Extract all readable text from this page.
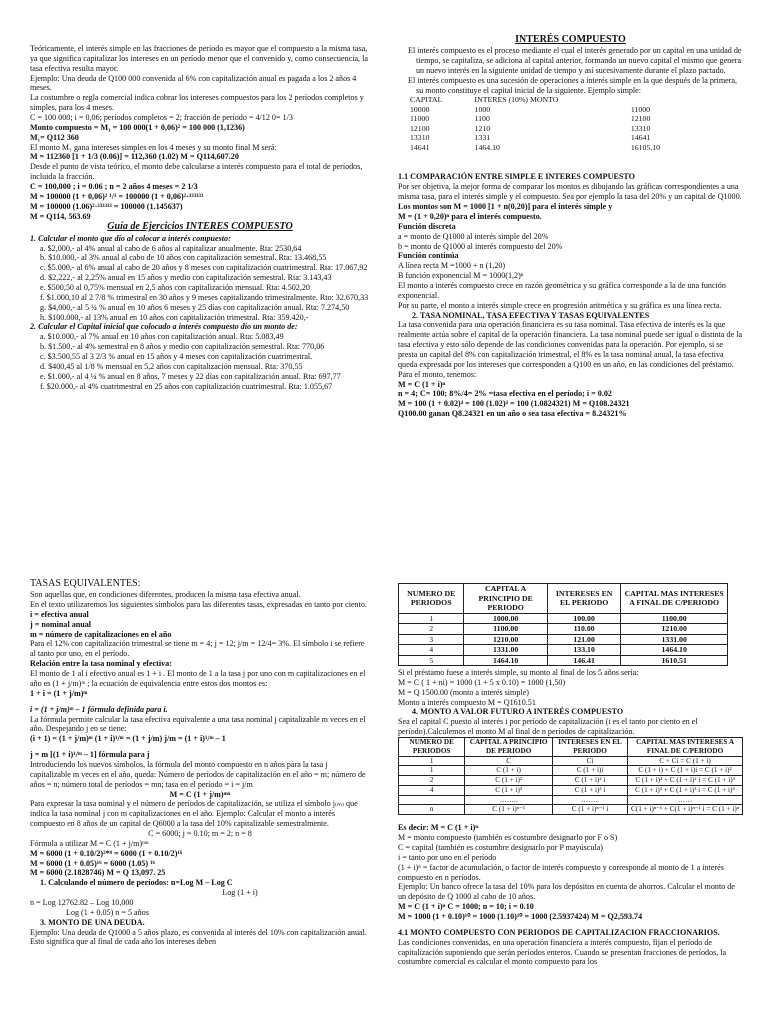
Teóricamente, el interés simple en las fracciones de período es mayor que el compuesto a la misma tasa, ya que significa capitalizar los intereses en un período menor que el convenido y, como consecuencia, la tasa efectiva resulta mayor.

Ejemplo: Una deuda de Q100 000 convenida al 6% con capitalización anual es pagada a los 2 años 4 meses.

La costumbre o regla comercial indica cobrar los intereses compuestos para los 2 períodos completos y simples, para los 4 meses.

C = 100 000; i = 0,06; períodos completos = 2; fracción de período = 4/12 0= 1/3

Monto compuesto = M₁ = 100 000(1 + 0,06)² = 100 000 (1,1236)

M₁= Q112 360

El monto M₁ gana intereses simples en los 4 meses y su monto final M será:

M = 112360 [1 + 1/3 (0.06)] = 112,360 (1.02) M = Q114,607.20

Desde el punto de vista teórico, el monto debe calcularse a interés compuesto para el total de períodos, incluida la fracción.

C = 100,000 ; i = 0.06 ; n = 2 años 4 meses = 2 1/3

M = 100000 (1 + 0,06)² ¹/³ = 100000 (1 + 0,06)²·³³³³³³

M = 100000 (1.06)²·³³³³³³ = 100000 (1.145637)

M = Q114, 563.69

Guía de Ejercicios INTERES COMPUESTO

1. Calcular el monto que dio al colocar a interés compuesto:

a. $2,000,- al 4% anual al cabo de 6 años al capitalizar anualmente. Rta: 2530,64

b. $10.000,- al 3% anual al cabo de 10 años con capitalización semestral. Rta: 13.468,55

c. $5.000,- al 6% anual al cabo de 20 años y 8 meses con capitalización cuatrimestral. Rta: 17.067,92

d. $2,222,- al 2,25% anual en 15 años y medio con capitalización semestral. Rta: 3.143,43

e. $500,50 al 0,75% mensual en 2,5 años con capitalización mensual. Rta: 4.502,20

f. $1.000,10 al 2 7/8 % trimestral en 30 años y 9 meses capitalizando trimestralmente. Rto: 32.670,33

g. $4,000,- al 5 ¾ % anual en 10 años 6 meses y 25 días con capitalización anual. Rta: 7.274,50

h. $100.000,- al 13% anual en 10 años con capitalización trimestral. Rta: 359.420,-

2. Calcular el Capital inicial que colocado a interés compuesto dio un monto de:

a. $10.000,- al 7% anual en 10 años con capitalización anual. Rta: 5.083,49

b. $1.500,- al 4% semestral en 8 años y medio con capitalización semestral. Rta: 770,06

c. $3.500,55 al 3 2/3 % anual en 15 años y 4 meses con capitalización cuatrimestral.

d. $400,45 al 1/8 % mensual en 5,2 años con capitalización mensual. Rta: 370,55

e. $1.000,- al 4 ¼ % anual en 8 años, 7 meses y 22 días con capitalización anual. Rta: 697,77

f. $20.000,- al 4% cuatrimestral en 25 años con capitalización cuatrimestral. Rta: 1.055,67

INTERÉS COMPUESTO

El interés compuesto es el proceso mediante el cual el interés generado por un capital en una unidad de tiempo, se capitaliza, se adiciona al capital anterior, formando un nuevo capital el mismo que genera un nuevo interés en la siguiente unidad de tiempo y así sucesivamente durante el plazo pactado.

El interés compuesto es una sucesión de operaciones a interés simple en la que después de la primera, su monto constituye el capital inicial de la siguiente. Ejemplo simple:

CAPITAL	INTERES (10%) MONTO	
10000	1000	11000
11000	1100	12100
12100	1210	13310
13310	1331	14641
14641	1464.10	16105.10

1.1 COMPARACIÓN ENTRE SIMPLE E INTERES COMPUESTO

Por ser objetiva, la mejor forma de comparar los montos es dibujando las gráficas correspondientes a una misma tasa, para el interés simple y el compuesto. Sea por ejemplo la tasa del 20% y un capital de Q1000.

Los montos son M = 1000 [1 + n(0,20)] para el interés simple y

M = (1 + 0,20)ⁿ para el interés compuesto.

Función discreta

a = monto de Q1000 al interés simple del 20%

b = monto de Q1000 al interés compuesto del 20%

Función continúa

A línea recta M =1000 + n (1,20)

B función exponencial M = 1000(1,2)ⁿ

El monto a interés compuesto crece en razón geométrica y su gráfica corresponde a la de una función exponencial.

Por su parte, el monto a interés simple crece en progresión aritmética y su gráfica es una línea recta.

2. TASA NOMINAL, TASA EFECTIVA Y TASAS EQUIVALENTES

La tasa convenida para una operación financiera es su tasa nominal. Tasa efectiva de interés es la que realmente actúa sobre el capital de la operación financiera. La tasa nominal puede ser igual o distinta de la tasa efectiva y esto sólo depende de las condiciones convenidas para la operación. Por ejemplo, si se presta un capital del 8% con capitalización trimestral, el 8% es la tasa nominal anual, la tasa efectiva queda expresada por los intereses que corresponden a Q100 en un año, en las condiciones del préstamo. Para el monto, tenemos:

M = C (1 + i)ⁿ

n = 4; C= 100; 8%/4= 2% =tasa efectiva en el período; i = 0.02

M = 100 (1 + 0.02)⁴ = 100 (1.02)⁴ = 100 (1.0824321) M = Q108.24321

Q100.00 ganan Q8.24321 en un año o sea tasa efectiva = 8.24321%

TASAS EQUIVALENTES:

Son aquellas que, en condiciones diferentes, producen la misma tasa efectiva anual.

En el texto utilizaremos los siguientes símbolos para las diferentes tasas, expresadas en tanto por ciento.

i = efectiva anual

j = nominal anual

m = número de capitalizaciones en el año

Para el 12% con capitalización trimestral se tiene m = 4; j = 12; j/m = 12/4= 3%. El símbolo i se refiere al tanto por uno, en el período.

Relación entre la tasa nominal y efectiva:

El monto de 1 al i efectivo anual es 1 + i . El monto de 1 a la tasa j por uno con m capitalizaciones en el año es (1 + j/m)ᵐ ; la ecuación de equivalencia entre estos dos montos es:

1 + i = (1 + j/m)ᵐ

i = (1 + j/m)ᵐ – 1 fórmula definida para i.

La fórmula permite calcular la tasa efectiva equivalente a una tasa nominal j capitalizable m veces en el año. Despejando j en se tiene:

(i + 1) = (1 + j/m)ᵐ (1 + i)¹/ᵐ = (1 + j/m) j/m = (1 + i)¹/ᵐ – 1

j = m [(1 + i)¹/ᵐ – 1] fórmula para j

Introduciendo los nuevos símbolos, la fórmula del monto compuesto en n años para la tasa j capitalizable m veces en el año, queda: Número de períodos de capitalización en el año = m; número de años = n; número total de períodos = mn; tasa en el período = i = j/m

M = C (1 + j/m)ᵐⁿ

Para expresar la tasa nominal y el número de períodos de capitalización, se utiliza el símbolo j₍ₘ₎ que indica la tasa nominal j con m capitalizaciones en el año. Ejemplo: Calcular el monto a interés compuesto en 8 años de un capital de Q6000 a la tasa del 10% capitalizable semestralmente.

C = 6000; j = 0.10; m = 2; n = 8

Fórmula a utilizar M = C (1 + j/m)ᵐⁿ

M = 6000 (1 + 0.10/2)²*⁸ = 6000 (1 + 0.10/2)¹⁶

M = 6000 (1 + 0.05)¹⁶ = 6000 (1.05) ¹⁶

M = 6000 (2.1828746) M = Q 13,097. 25

1. Calculando el número de períodos: n=Log M – Log C

Log (1 + i)

n = Log 12762.82 – Log 10,000

Log (1 + 0.05) n = 5 años

3. MONTO DE UNA DEUDA.

Ejemplo: Una deuda de Q1000 a 5 años plazo, es convenida al interés del 10% con capitalización anual. Esto significa que al final de cada año los intereses deben

NUMERO DE PERIODOS	CAPITAL A PRINCIPIO DE PERIODO	INTERESES EN EL PERIODO	CAPITAL MAS INTERESES A FINAL DE C/PERIODO
1	1000.00	100.00	1100.00
2	1100.00	110.00	1210.00
3	1210.00	121.00	1331.00
4	1331.00	133.10	1464.10
5	1464.10	146.41	1610.51

Si el préstamo fuese a interés simple, su monto al final de los 5 años sería:

M = C ( 1 + ni) = 1000 (1 + 5 x 0.10) = 1000 (1,50)

M = Q 1500.00 (monto a interés simple)

Monto a interés compuesto M = Q1610.51

4. MONTO A VALOR FUTURO A INTERÉS COMPUESTO

Sea el capital C puesto al interés i por período de capitalización (i es el tanto por ciento en el período).Calculemos el monto M al final de n períodos de capitalización.

NUMERO DE PERIODOS	CAPITAL A PRINCIPIO DE PERIODO	INTERESES EN EL PERIODO	CAPITAL MAS INTERESES A FINAL DE C/PERIODO
1	C	Ci	C + Ci = C (1 + i)
1	C (1 + i)	C (1 + i)i	C (1 + i) + C (1 + i)i = C (1 + i)²
2	C (1 + i)²	C (1 + i)² i	C (1 + i)² + C (1 + i)² i = C (1 + i)³
4	C (1 + i)³	C (1 + i)³ i	C (1 + i)³ + C (1 + i)³ i = C (1 + i)⁴
	……..	……..	……
n	C (1 + i)ⁿ⁻¹	C (1 + i)ⁿ⁻¹ i	C(1 + i)ⁿ⁻¹ + C(1 + i)ⁿ⁻¹ i = C (1 + i)ⁿ

Es decir: M = C (1 + i)ⁿ

M = monto compuesto (también es costumbre designarlo por F o S)

C = capital (también es costumbre designarlo por P mayúscula)

i = tanto por uno en el período

(1 + i)ⁿ = factor de acumulación, o factor de interés compuesto y corresponde al monto de 1 a interés compuesto en n períodos.

Ejemplo: Un banco ofrece la tasa del 10% para los depósitos en cuenta de ahorros. Calcular el monto de un depósito de Q 1000 al cabo de 10 años.

M = C (1 + i)ⁿ C = 1000; n = 10; i = 0.10

M = 1000 (1 + 0.10)¹⁰ = 1000 (1.10)¹⁰ = 1000 (2.5937424) M = Q2,593.74

4.1 MONTO COMPUESTO CON PERIODOS DE CAPITALIZACION FRACCIONARIOS.

Las condiciones convenidas, en una operación financiera a interés compuesto, fijan el período de capitalización suponiendo que serán períodos enteros. Cuando se presentan fracciones de períodos, la costumbre comercial es calcular el monto compuesto para los
